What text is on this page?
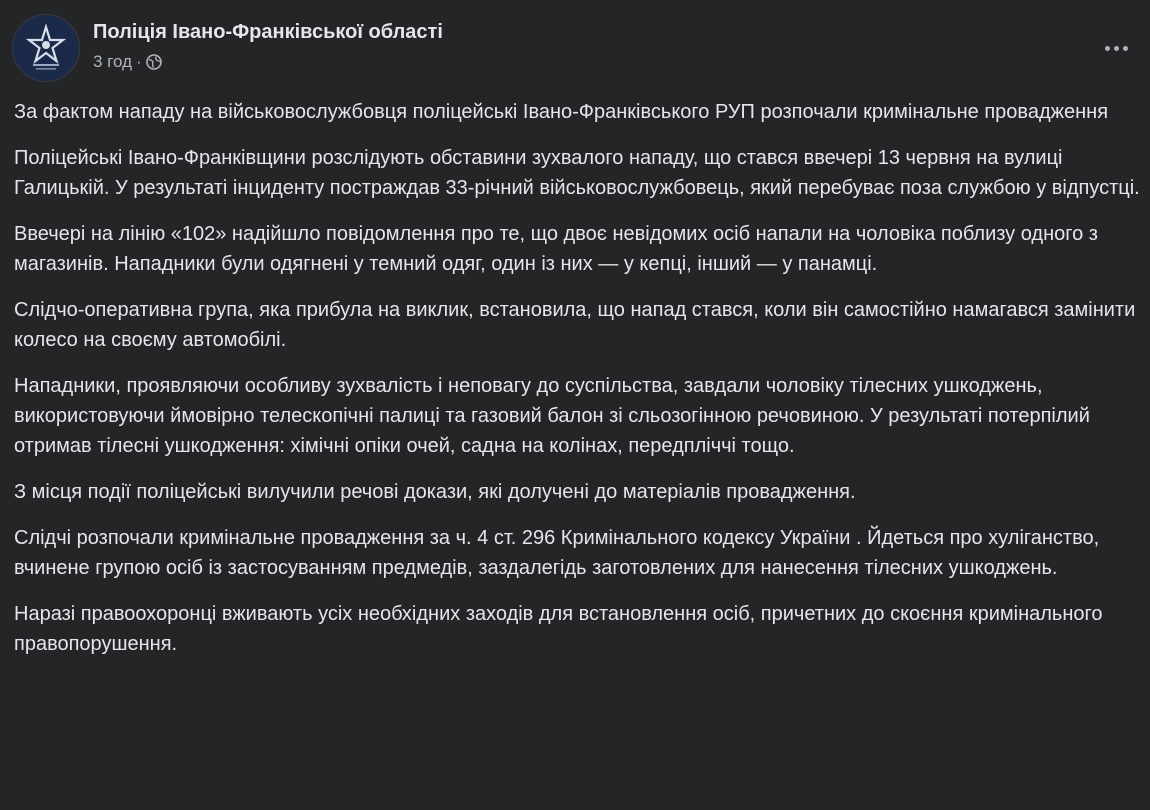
Поліція Івано-Франківської області
3 год ·

За фактом нападу на військовослужбовця поліцейські Івано-Франківського РУП розпочали кримінальне провадження

Поліцейські Івано-Франківщини розслідують обставини зухвалого нападу, що стався ввечері 13 червня на вулиці Галицькій. У результаті інциденту постраждав 33-річний військовослужбовець, який перебуває поза службою у відпустці.

Ввечері на лінію «102» надійшло повідомлення про те, що двоє невідомих осіб напали на чоловіка поблизу одного з магазинів. Нападники були одягнені у темний одяг, один із них — у кепці, інший — у панамці.

Слідчо-оперативна група, яка прибула на виклик, встановила, що напад стався, коли він самостійно намагався замінити колесо на своєму автомобілі.

Нападники, проявляючи особливу зухвалість і неповагу до суспільства, завдали чоловіку тілесних ушкоджень, використовуючи ймовірно телескопічні палиці та газовий балон зі сльозогінною речовиною. У результаті потерпілий отримав тілесні ушкодження: хімічні опіки очей, садна на колінах, передпліччі тощо.

З місця події поліцейські вилучили речові докази, які долучені до матеріалів провадження.

Слідчі розпочали кримінальне провадження за ч. 4 ст. 296 Кримінального кодексу України . Йдеться про хуліганство, вчинене групою осіб із застосуванням предмедів, заздалегідь заготовлених для нанесення тілесних ушкоджень.

Наразі правоохоронці вживають усіх необхідних заходів для встановлення осіб, причетних до скоєння кримінального правопорушення.
